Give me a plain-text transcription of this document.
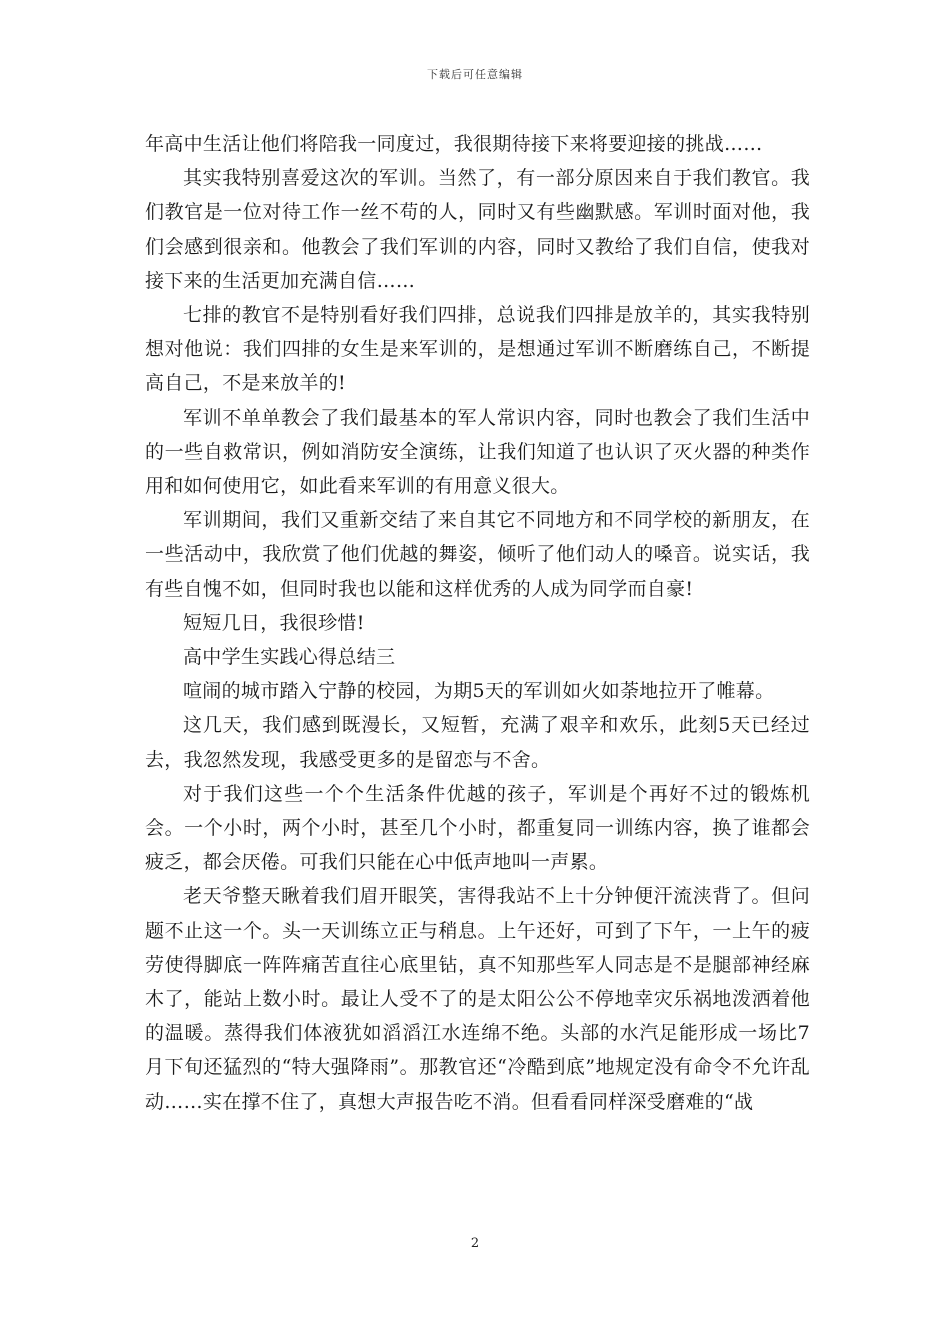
下载后可任意编辑

年高中生活让他们将陪我一同度过，我很期待接下来将要迎接的挑战……

其实我特别喜爱这次的军训。当然了，有一部分原因来自于我们教官。我们教官是一位对待工作一丝不苟的人，同时又有些幽默感。军训时面对他，我们会感到很亲和。他教会了我们军训的内容，同时又教给了我们自信，使我对接下来的生活更加充满自信……

七排的教官不是特别看好我们四排，总说我们四排是放羊的，其实我特别想对他说：我们四排的女生是来军训的，是想通过军训不断磨练自己，不断提高自己，不是来放羊的!

军训不单单教会了我们最基本的军人常识内容，同时也教会了我们生活中的一些自救常识，例如消防安全演练，让我们知道了也认识了灭火器的种类作用和如何使用它，如此看来军训的有用意义很大。

军训期间，我们又重新交结了来自其它不同地方和不同学校的新朋友，在一些活动中，我欣赏了他们优越的舞姿，倾听了他们动人的嗓音。说实话，我有些自愧不如，但同时我也以能和这样优秀的人成为同学而自豪!

短短几日，我很珍惜!

高中学生实践心得总结三

喧闹的城市踏入宁静的校园，为期5天的军训如火如荼地拉开了帷幕。

这几天，我们感到既漫长，又短暂，充满了艰辛和欢乐，此刻5天已经过去，我忽然发现，我感受更多的是留恋与不舍。

对于我们这些一个个生活条件优越的孩子，军训是个再好不过的锻炼机会。一个小时，两个小时，甚至几个小时，都重复同一训练内容，换了谁都会疲乏，都会厌倦。可我们只能在心中低声地叫一声累。

老天爷整天瞅着我们眉开眼笑，害得我站不上十分钟便汗流浃背了。但问题不止这一个。头一天训练立正与稍息。上午还好，可到了下午，一上午的疲劳使得脚底一阵阵痛苦直往心底里钻，真不知那些军人同志是不是腿部神经麻木了，能站上数小时。最让人受不了的是太阳公公不停地幸灾乐祸地泼洒着他的温暖。蒸得我们体液犹如滔滔江水连绵不绝。头部的水汽足能形成一场比7月下旬还猛烈的“特大强降雨”。那教官还“冷酷到底”地规定没有命令不允许乱动……实在撑不住了，真想大声报告吃不消。但看看同样深受磨难的“战

2
